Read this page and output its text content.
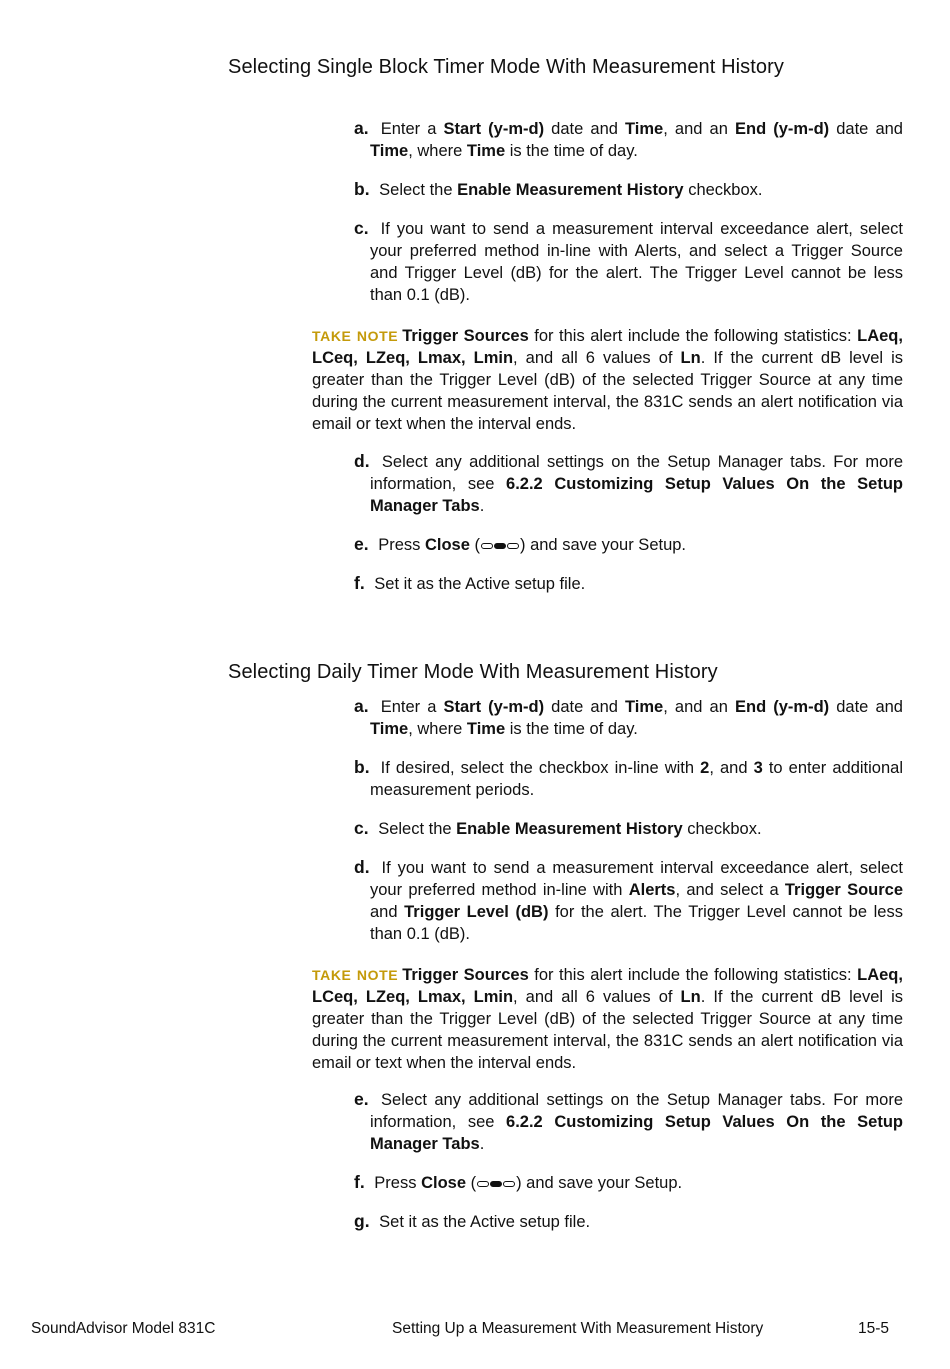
Selecting Single Block Timer Mode With Measurement History

a. Enter a Start (y-m-d) date and Time, and an End (y-m-d) date and Time, where Time is the time of day.

b. Select the Enable Measurement History checkbox.

c. If you want to send a measurement interval exceedance alert, select your preferred method in-line with Alerts, and select a Trigger Source and Trigger Level (dB) for the alert. The Trigger Level cannot be less than 0.1 (dB).

TAKE NOTE Trigger Sources for this alert include the following statistics: LAeq, LCeq, LZeq, Lmax, Lmin, and all 6 values of Ln. If the current dB level is greater than the Trigger Level (dB) of the selected Trigger Source at any time during the current measurement interval, the 831C sends an alert notification via email or text when the interval ends.

d. Select any additional settings on the Setup Manager tabs. For more information, see 6.2.2 Customizing Setup Values On the Setup Manager Tabs.

e. Press Close ( ) and save your Setup.

f. Set it as the Active setup file.

Selecting Daily Timer Mode With Measurement History

a. Enter a Start (y-m-d) date and Time, and an End (y-m-d) date and Time, where Time is the time of day.

b. If desired, select the checkbox in-line with 2, and 3 to enter additional measurement periods.

c. Select the Enable Measurement History checkbox.

d. If you want to send a measurement interval exceedance alert, select your preferred method in-line with Alerts, and select a Trigger Source and Trigger Level (dB) for the alert. The Trigger Level cannot be less than 0.1 (dB).

TAKE NOTE Trigger Sources for this alert include the following statistics: LAeq, LCeq, LZeq, Lmax, Lmin, and all 6 values of Ln. If the current dB level is greater than the Trigger Level (dB) of the selected Trigger Source at any time during the current measurement interval, the 831C sends an alert notification via email or text when the interval ends.

e. Select any additional settings on the Setup Manager tabs. For more information, see 6.2.2 Customizing Setup Values On the Setup Manager Tabs.

f. Press Close ( ) and save your Setup.

g. Set it as the Active setup file.

SoundAdvisor Model 831C	Setting Up a Measurement With Measurement History	15-5
